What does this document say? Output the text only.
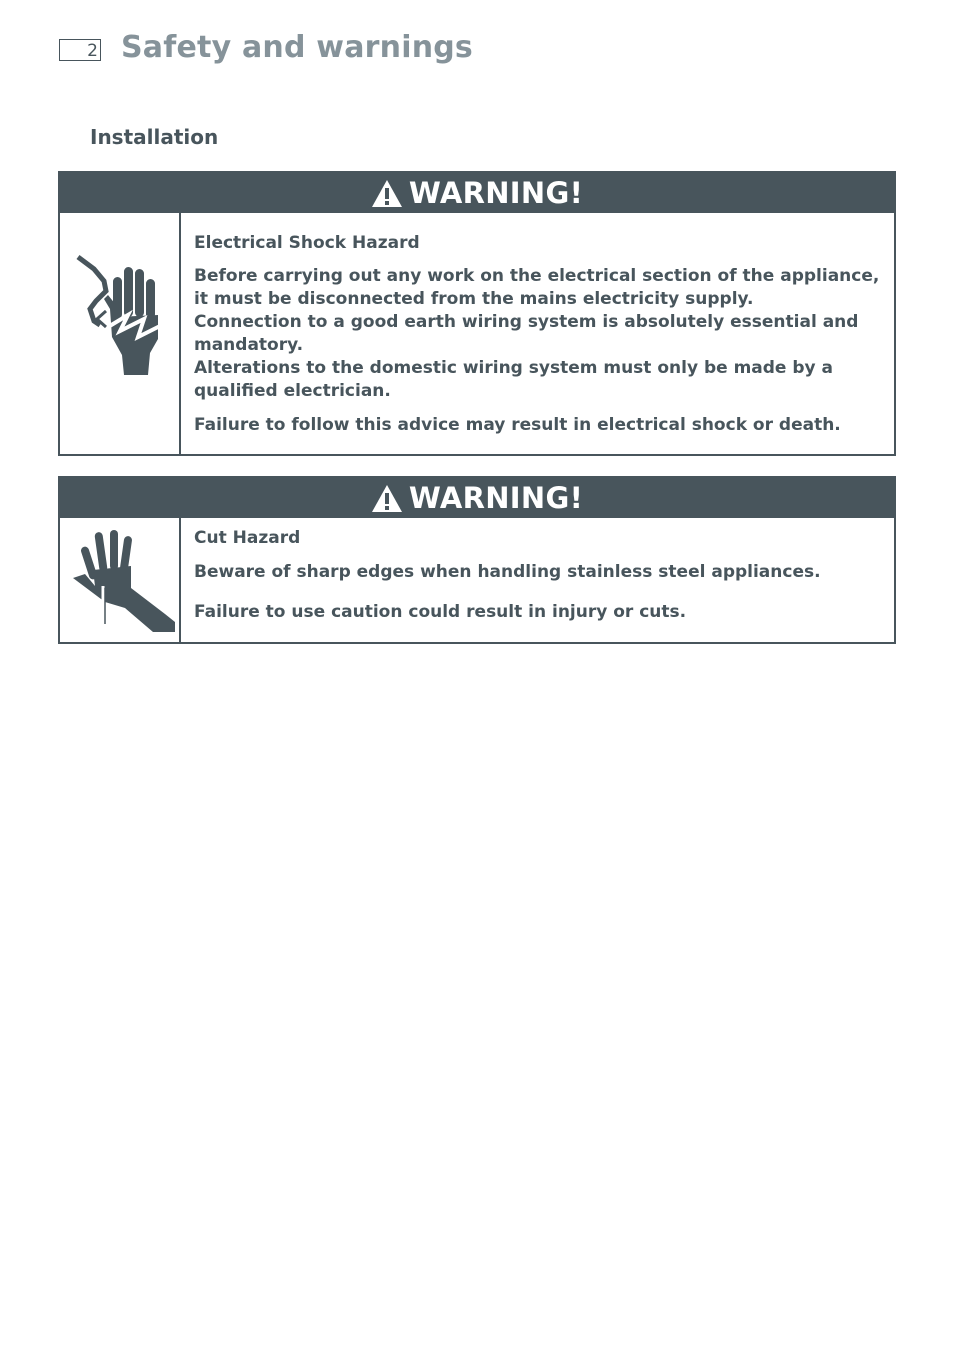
2 Safety and warnings
Installation
WARNING!

Electrical Shock Hazard

Before carrying out any work on the electrical section of the appliance, it must be disconnected from the mains electricity supply.

Connection to a good earth wiring system is absolutely essential and mandatory.

Alterations to the domestic wiring system must only be made by a qualified electrician.

Failure to follow this advice may result in electrical shock or death.

WARNING!

Cut Hazard

Beware of sharp edges when handling stainless steel appliances.

Failure to use caution could result in injury or cuts.
